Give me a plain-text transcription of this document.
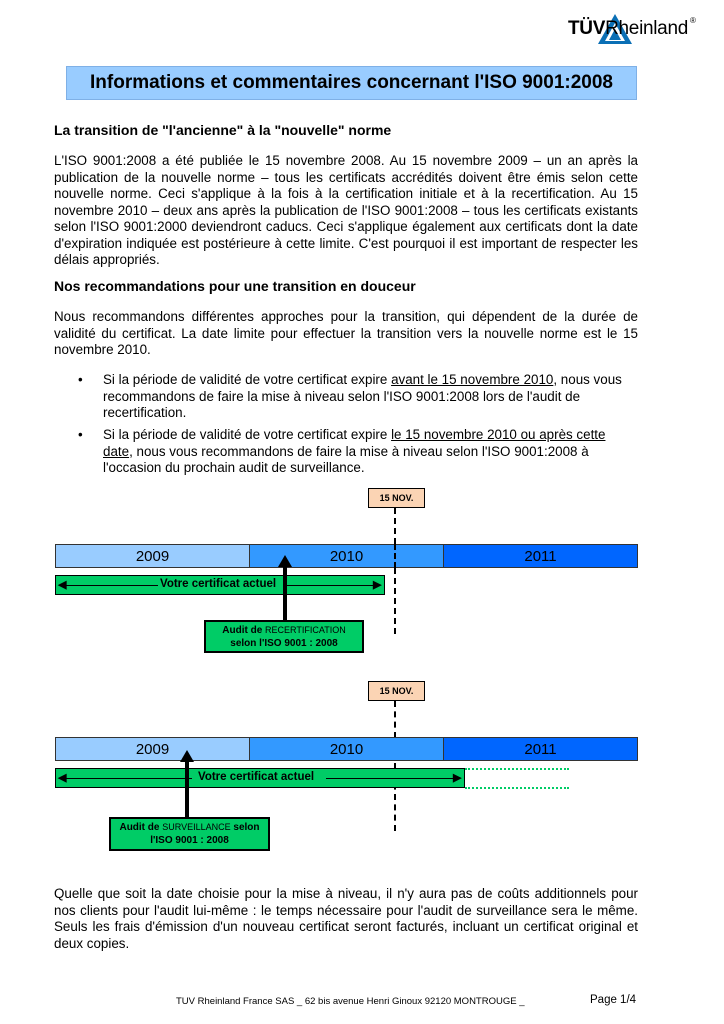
TÜVRheinland ®
Informations et commentaires concernant l'ISO 9001:2008
La transition de "l'ancienne" à la "nouvelle" norme
L'ISO 9001:2008 a été publiée le 15 novembre 2008. Au 15 novembre 2009 – un an après la publication de la nouvelle norme – tous les certificats accrédités doivent être émis selon cette nouvelle norme. Ceci s'applique à la fois à la certification initiale et à la recertification. Au 15 novembre 2010 – deux ans après la publication de l'ISO 9001:2008 – tous les certificats existants selon l'ISO 9001:2000 deviendront caducs. Ceci s'applique également aux certificats dont la date d'expiration indiquée est postérieure à cette limite. C'est pourquoi il est important de respecter les délais appropriés.
Nos recommandations pour une transition en douceur
Nous recommandons différentes approches pour la transition, qui dépendent de la durée de validité du certificat. La date limite pour effectuer la transition vers la nouvelle norme est le 15 novembre 2010.
• Si la période de validité de votre certificat expire avant le 15 novembre 2010, nous vous recommandons de faire la mise à niveau selon l'ISO 9001:2008 lors de l'audit de recertification.
• Si la période de validité de votre certificat expire le 15 novembre 2010 ou après cette date, nous vous recommandons de faire la mise à niveau selon l'ISO 9001:2008 à l'occasion du prochain audit de surveillance.
15 NOV.
2009	2010	2011
◀	Votre certificat actuel	▶
Audit de RECERTIFICATION
selon l'ISO 9001 : 2008
15 NOV.
2009	2010	2011
◀	Votre certificat actuel	▶
Audit de SURVEILLANCE selon
l'ISO 9001 : 2008
Quelle que soit la date choisie pour la mise à niveau, il n'y aura pas de coûts additionnels pour nos clients pour l'audit lui-même : le temps nécessaire pour l'audit de surveillance sera le même. Seuls les frais d'émission d'un nouveau certificat seront facturés, incluant un certificat original et deux copies.
TUV Rheinland France SAS _ 62 bis avenue Henri Ginoux 92120 MONTROUGE _	Page 1/4
